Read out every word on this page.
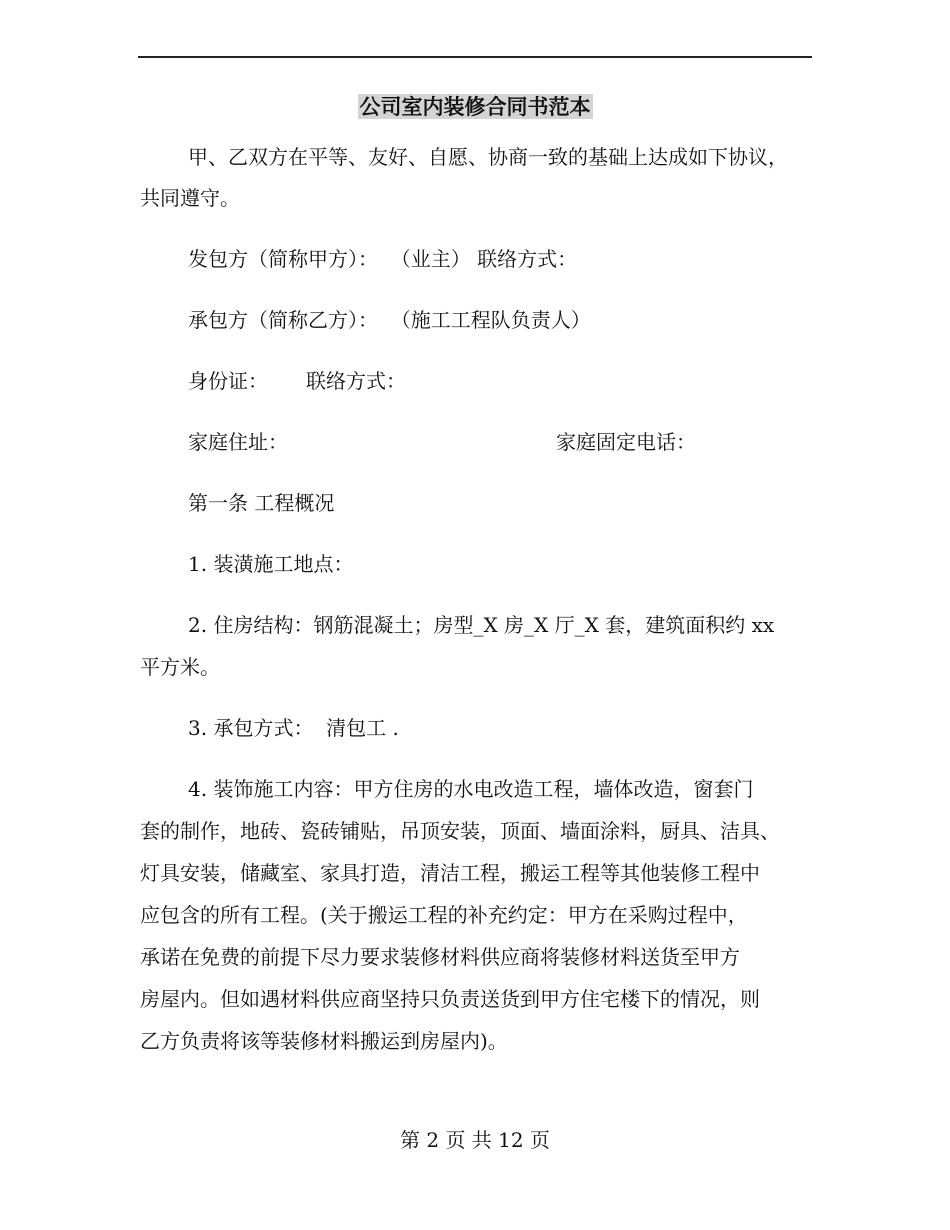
公司室内装修合同书范本
甲、乙双方在平等、友好、自愿、协商一致的基础上达成如下协议，
共同遵守。
发包方（简称甲方）：  （业主） 联络方式：
承包方（简称乙方）：  （施工工程队负责人）
身份证： 联络方式：
家庭住址：	家庭固定电话：
第一条 工程概况
1. 装潢施工地点：
2. 住房结构：钢筋混凝土；房型_X 房_X 厅_X 套，建筑面积约 xx
平方米。
3. 承包方式：  清包工 .
4. 装饰施工内容：甲方住房的水电改造工程，墙体改造，窗套门
套的制作，地砖、瓷砖铺贴，吊顶安装，顶面、墙面涂料，厨具、洁具、
灯具安装，储藏室、家具打造，清洁工程，搬运工程等其他装修工程中
应包含的所有工程。(关于搬运工程的补充约定：甲方在采购过程中，
承诺在免费的前提下尽力要求装修材料供应商将装修材料送货至甲方
房屋内。但如遇材料供应商坚持只负责送货到甲方住宅楼下的情况，则
乙方负责将该等装修材料搬运到房屋内)。
第 2 页 共 12 页
